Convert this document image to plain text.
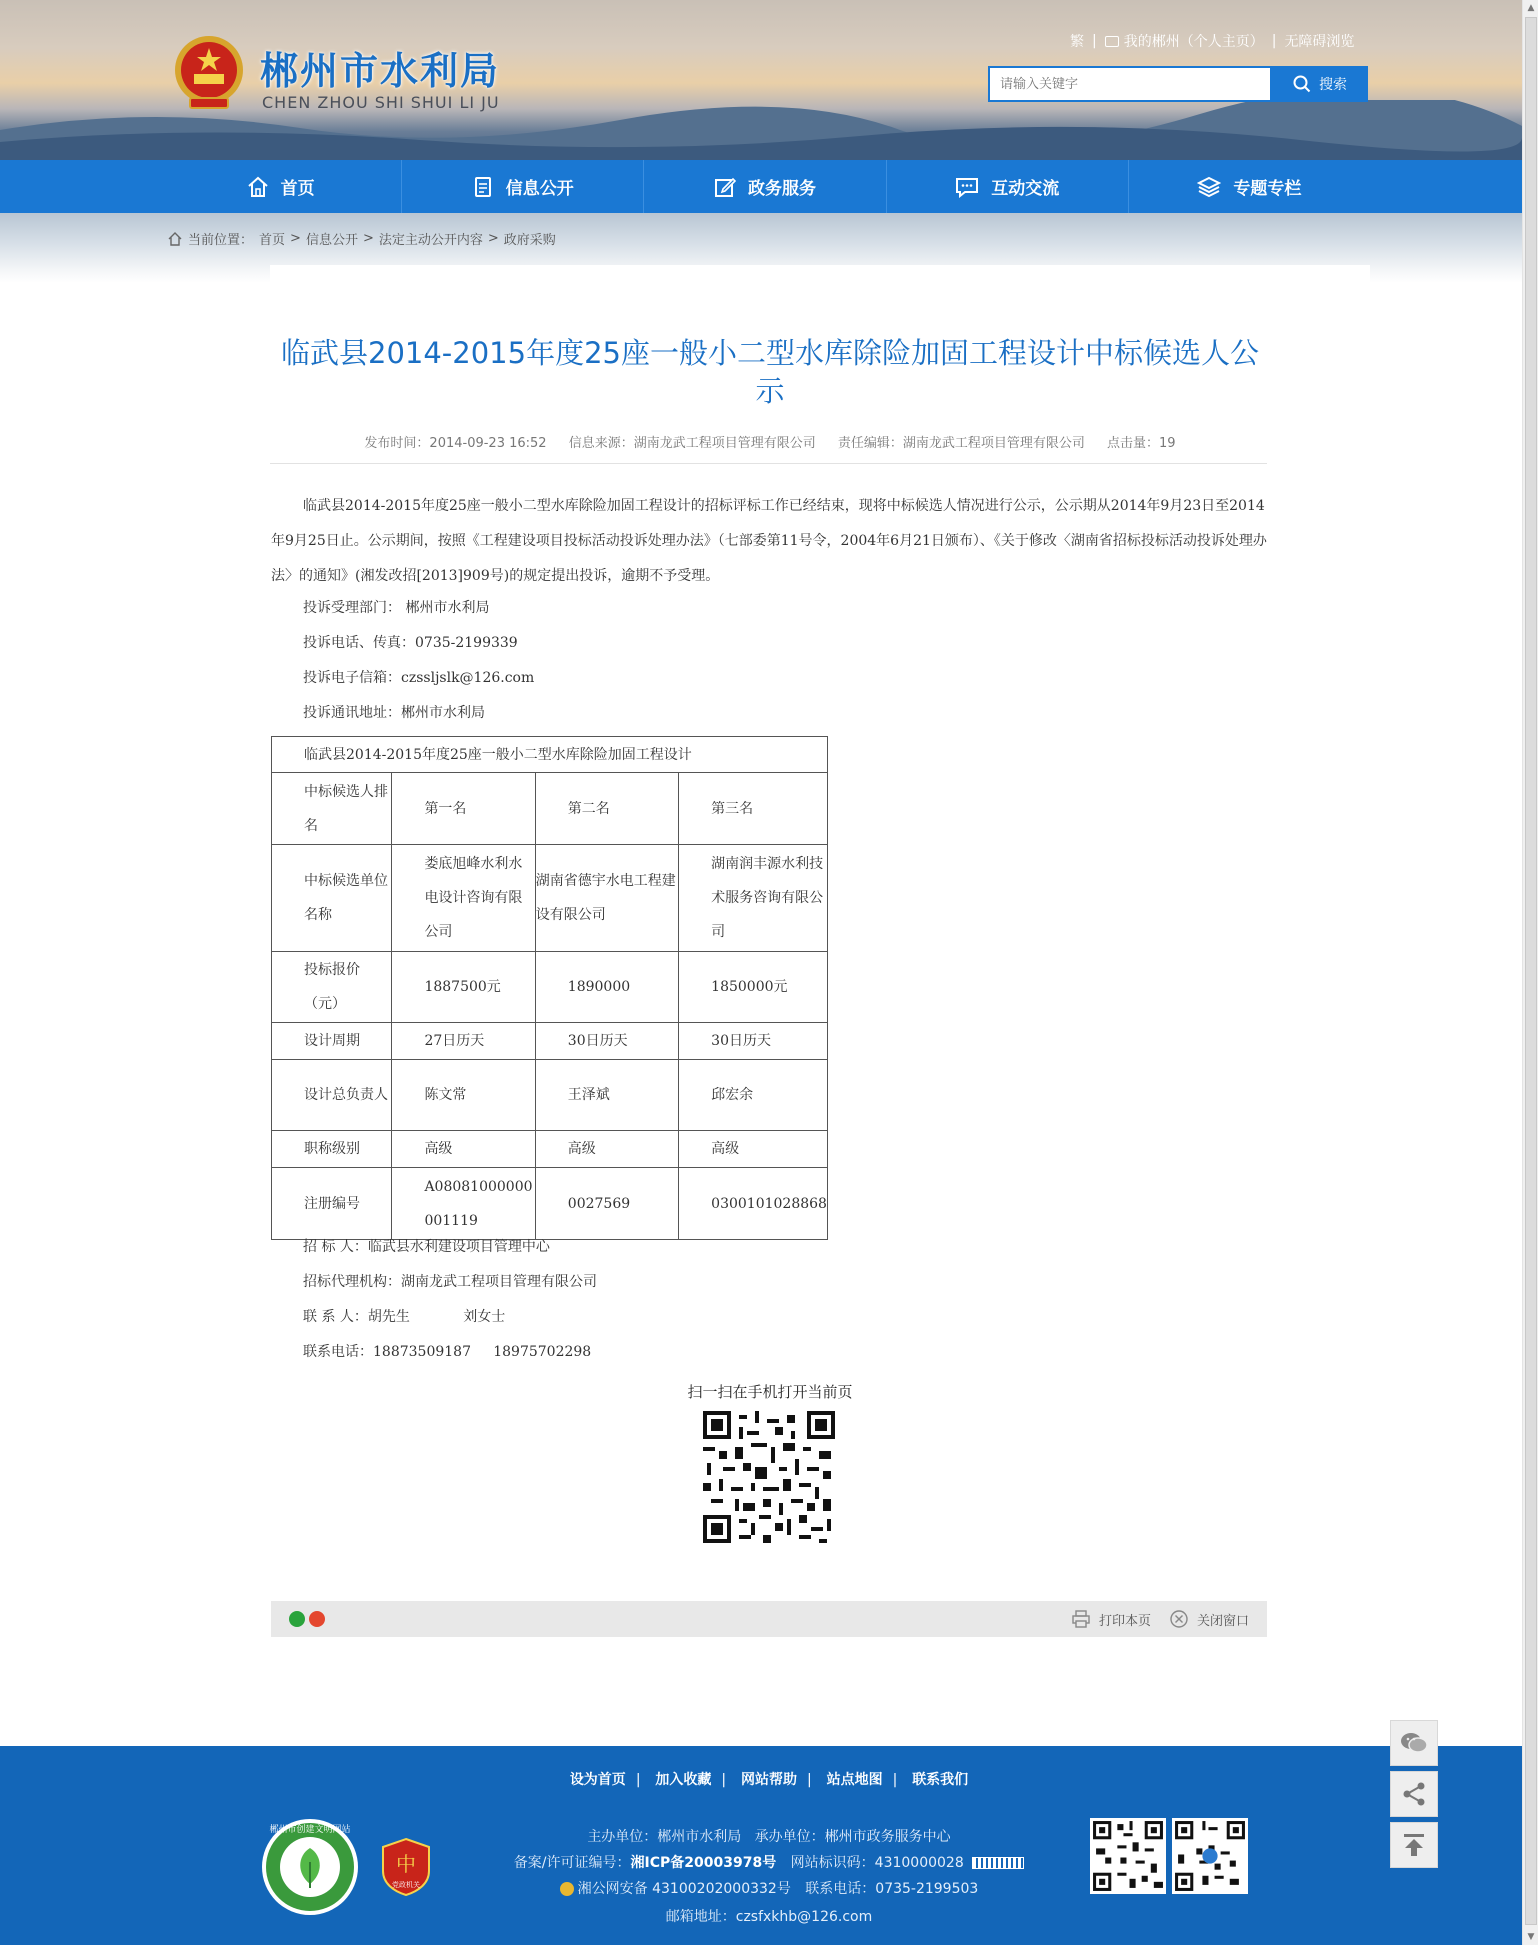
郴州市水利局
CHEN ZHOU SHI SHUI LI JU
繁 | 我的郴州（个人主页） | 无障碍浏览
请输入关键字
搜索
首页	信息公开	政务服务	互动交流	专题专栏
当前位置： 首页 > 信息公开 > 法定主动公开内容 > 政府采购
临武县2014-2015年度25座一般小二型水库除险加固工程设计中标候选人公示
发布时间：2014-09-23 16:52 信息来源：湖南龙武工程项目管理有限公司 责任编辑：湖南龙武工程项目管理有限公司 点击量：19
临武县2014-2015年度25座一般小二型水库除险加固工程设计的招标评标工作已经结束，现将中标候选人情况进行公示，公示期从2014年9月23日至2014年9月25日止。公示期间，按照《工程建设项目投标活动投诉处理办法》（七部委第11号令，2004年6月21日颁布）、《关于修改〈湖南省招标投标活动投诉处理办法〉的通知》(湘发改招[2013]909号)的规定提出投诉，逾期不予受理。
投诉受理部门： 郴州市水利局
投诉电话、传真：0735-2199339
投诉电子信箱：czssljslk@126.com
投诉通讯地址：郴州市水利局
临武县2014-2015年度25座一般小二型水库除险加固工程设计			
中标候选人排名	第一名	第二名	第三名
中标候选单位名称	娄底旭峰水利水电设计咨询有限公司	湖南省德宇水电工程建设有限公司	湖南润丰源水利技术服务咨询有限公司
投标报价（元）	1887500元	1890000	1850000元
设计周期	27日历天	30日历天	30日历天
设计总负责人	陈文常	王泽斌	邱宏余
职称级别	高级	高级	高级
注册编号	A08081000000001119	0027569	0300101028868
招 标 人：临武县水利建设项目管理中心
招标代理机构：湖南龙武工程项目管理有限公司
联 系 人：胡先生            刘女士
联系电话：18873509187     18975702298
扫一扫在手机打开当前页
打印本页	关闭窗口
设为首页 | 加入收藏 | 网站帮助 | 站点地图 | 联系我们
主办单位：郴州市水利局   承办单位：郴州市政务服务中心
备案/许可证编号：湘ICP备20003978号 网站标识码：4310000028
湘公网安备 43100202000332号 联系电话：0735-2199503
邮箱地址：czsfxkhb@126.com
郴州市创建文明网站
中
党政机关
▲
▼
